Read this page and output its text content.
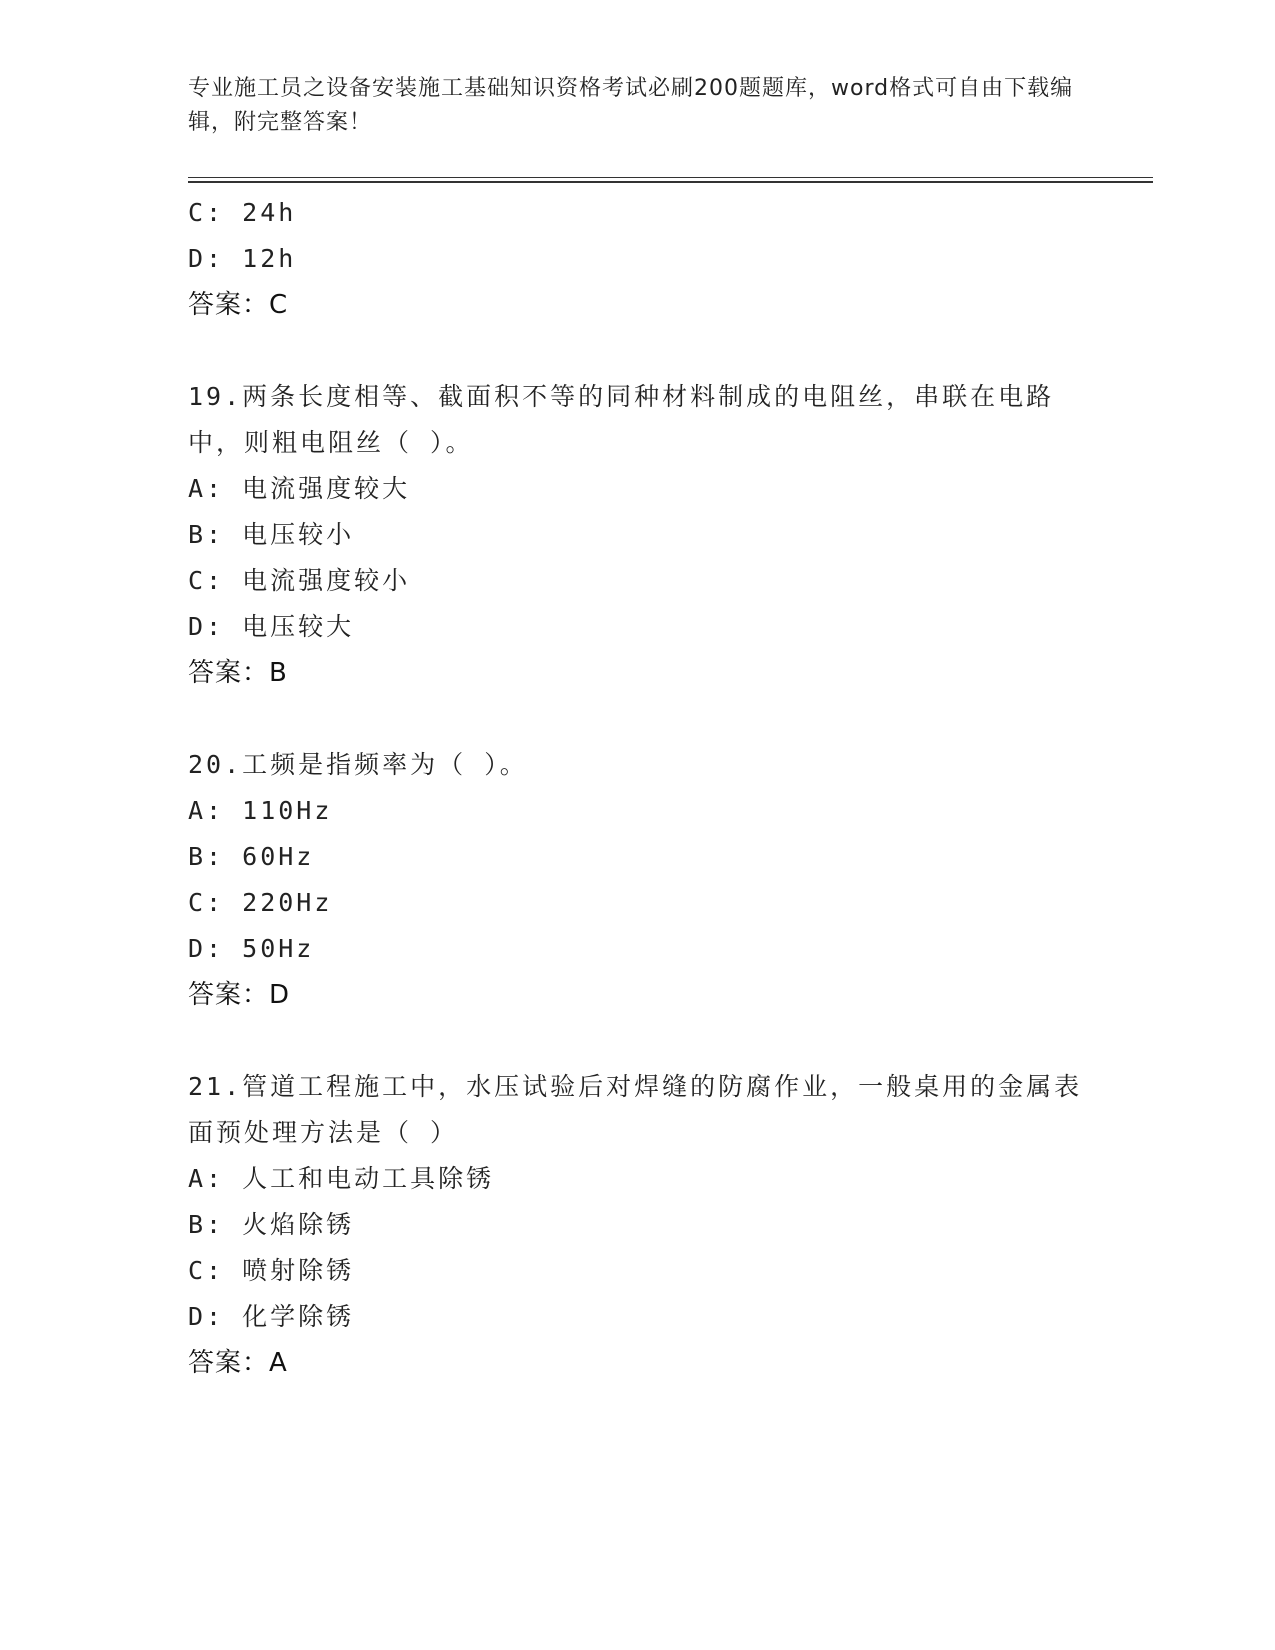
专业施工员之设备安装施工基础知识资格考试必刷200题题库，word格式可自由下载编辑，附完整答案！
C: 24h
D: 12h
答案：C
19.两条长度相等、截面积不等的同种材料制成的电阻丝，串联在电路中，则粗电阻丝（ ）。
A: 电流强度较大
B: 电压较小
C: 电流强度较小
D: 电压较大
答案：B
20.工频是指频率为（ ）。
A: 110Hz
B: 60Hz
C: 220Hz
D: 50Hz
答案：D
21.管道工程施工中，水压试验后对焊缝的防腐作业，一般桌用的金属表面预处理方法是（ ）
A: 人工和电动工具除锈
B: 火焰除锈
C: 喷射除锈
D: 化学除锈
答案：A
